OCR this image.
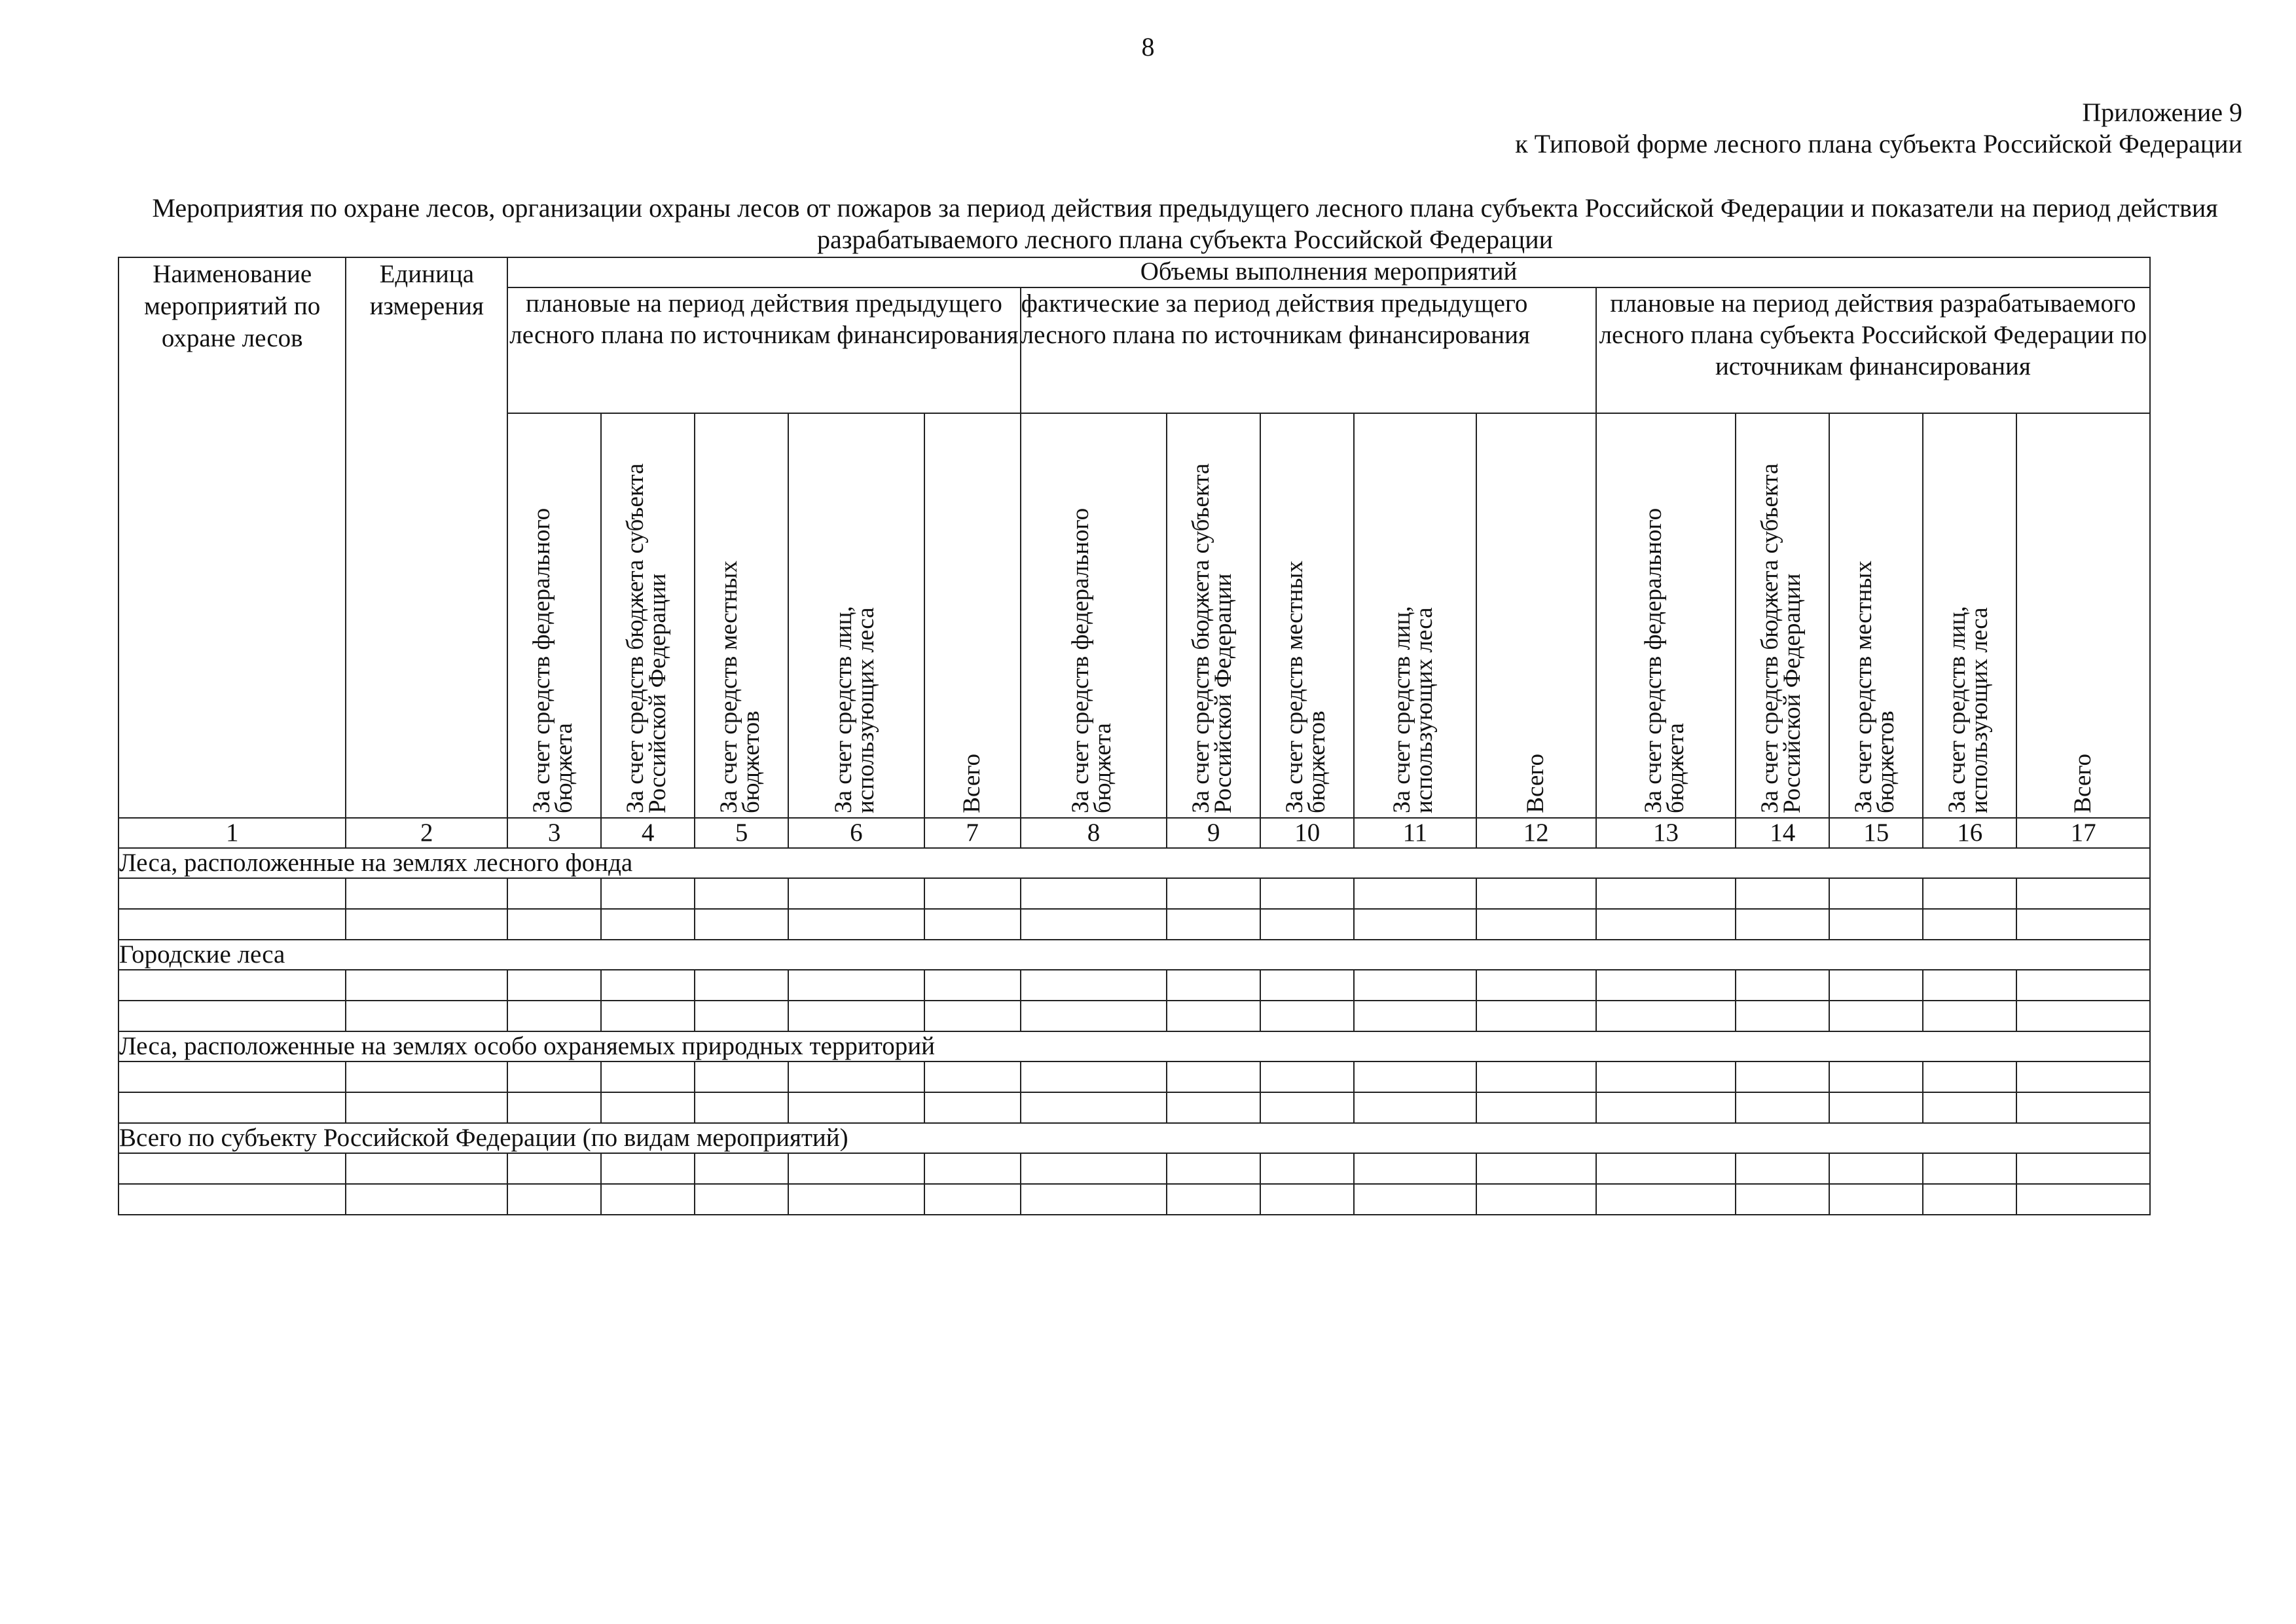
8
Приложение 9
к Типовой форме лесного плана субъекта Российской Федерации
Мероприятия по охране лесов, организации охраны лесов от пожаров за период действия предыдущего лесного плана субъекта Российской Федерации и показатели на период действия разрабатываемого лесного плана субъекта Российской Федерации
Наименование мероприятий по охране лесов	Единица измерения	Объемы выполнения мероприятий														
		плановые на период действия предыдущего лесного плана по источникам финансирования					фактические за период действия предыдущего лесного плана по источникам финансирования					плановые на период действия разрабатываемого лесного плана субъекта Российской Федерации по источникам финансирования				

		За счет средств федерального бюджета	За счет средств бюджета субъекта Российской Федерации	За счет средств местных бюджетов	За счет средств лиц, использующих леса	Всего	За счет средств федерального бюджета	За счет средств бюджета субъекта Российской Федерации	За счет средств местных бюджетов	За счет средств лиц, использующих леса	Всего	За счет средств федерального бюджета	За счет средств бюджета субъекта Российской Федерации	За счет средств местных бюджетов	За счет средств лиц, использующих леса	Всего

1	2	3	4	5	6	7	8	9	10	11	12	13	14	15	16	17
Леса, расположенные на землях лесного фонда																

Городские леса																

Леса, расположенные на землях особо охраняемых природных территорий																

Всего по субъекту Российской Федерации (по видам мероприятий)																
